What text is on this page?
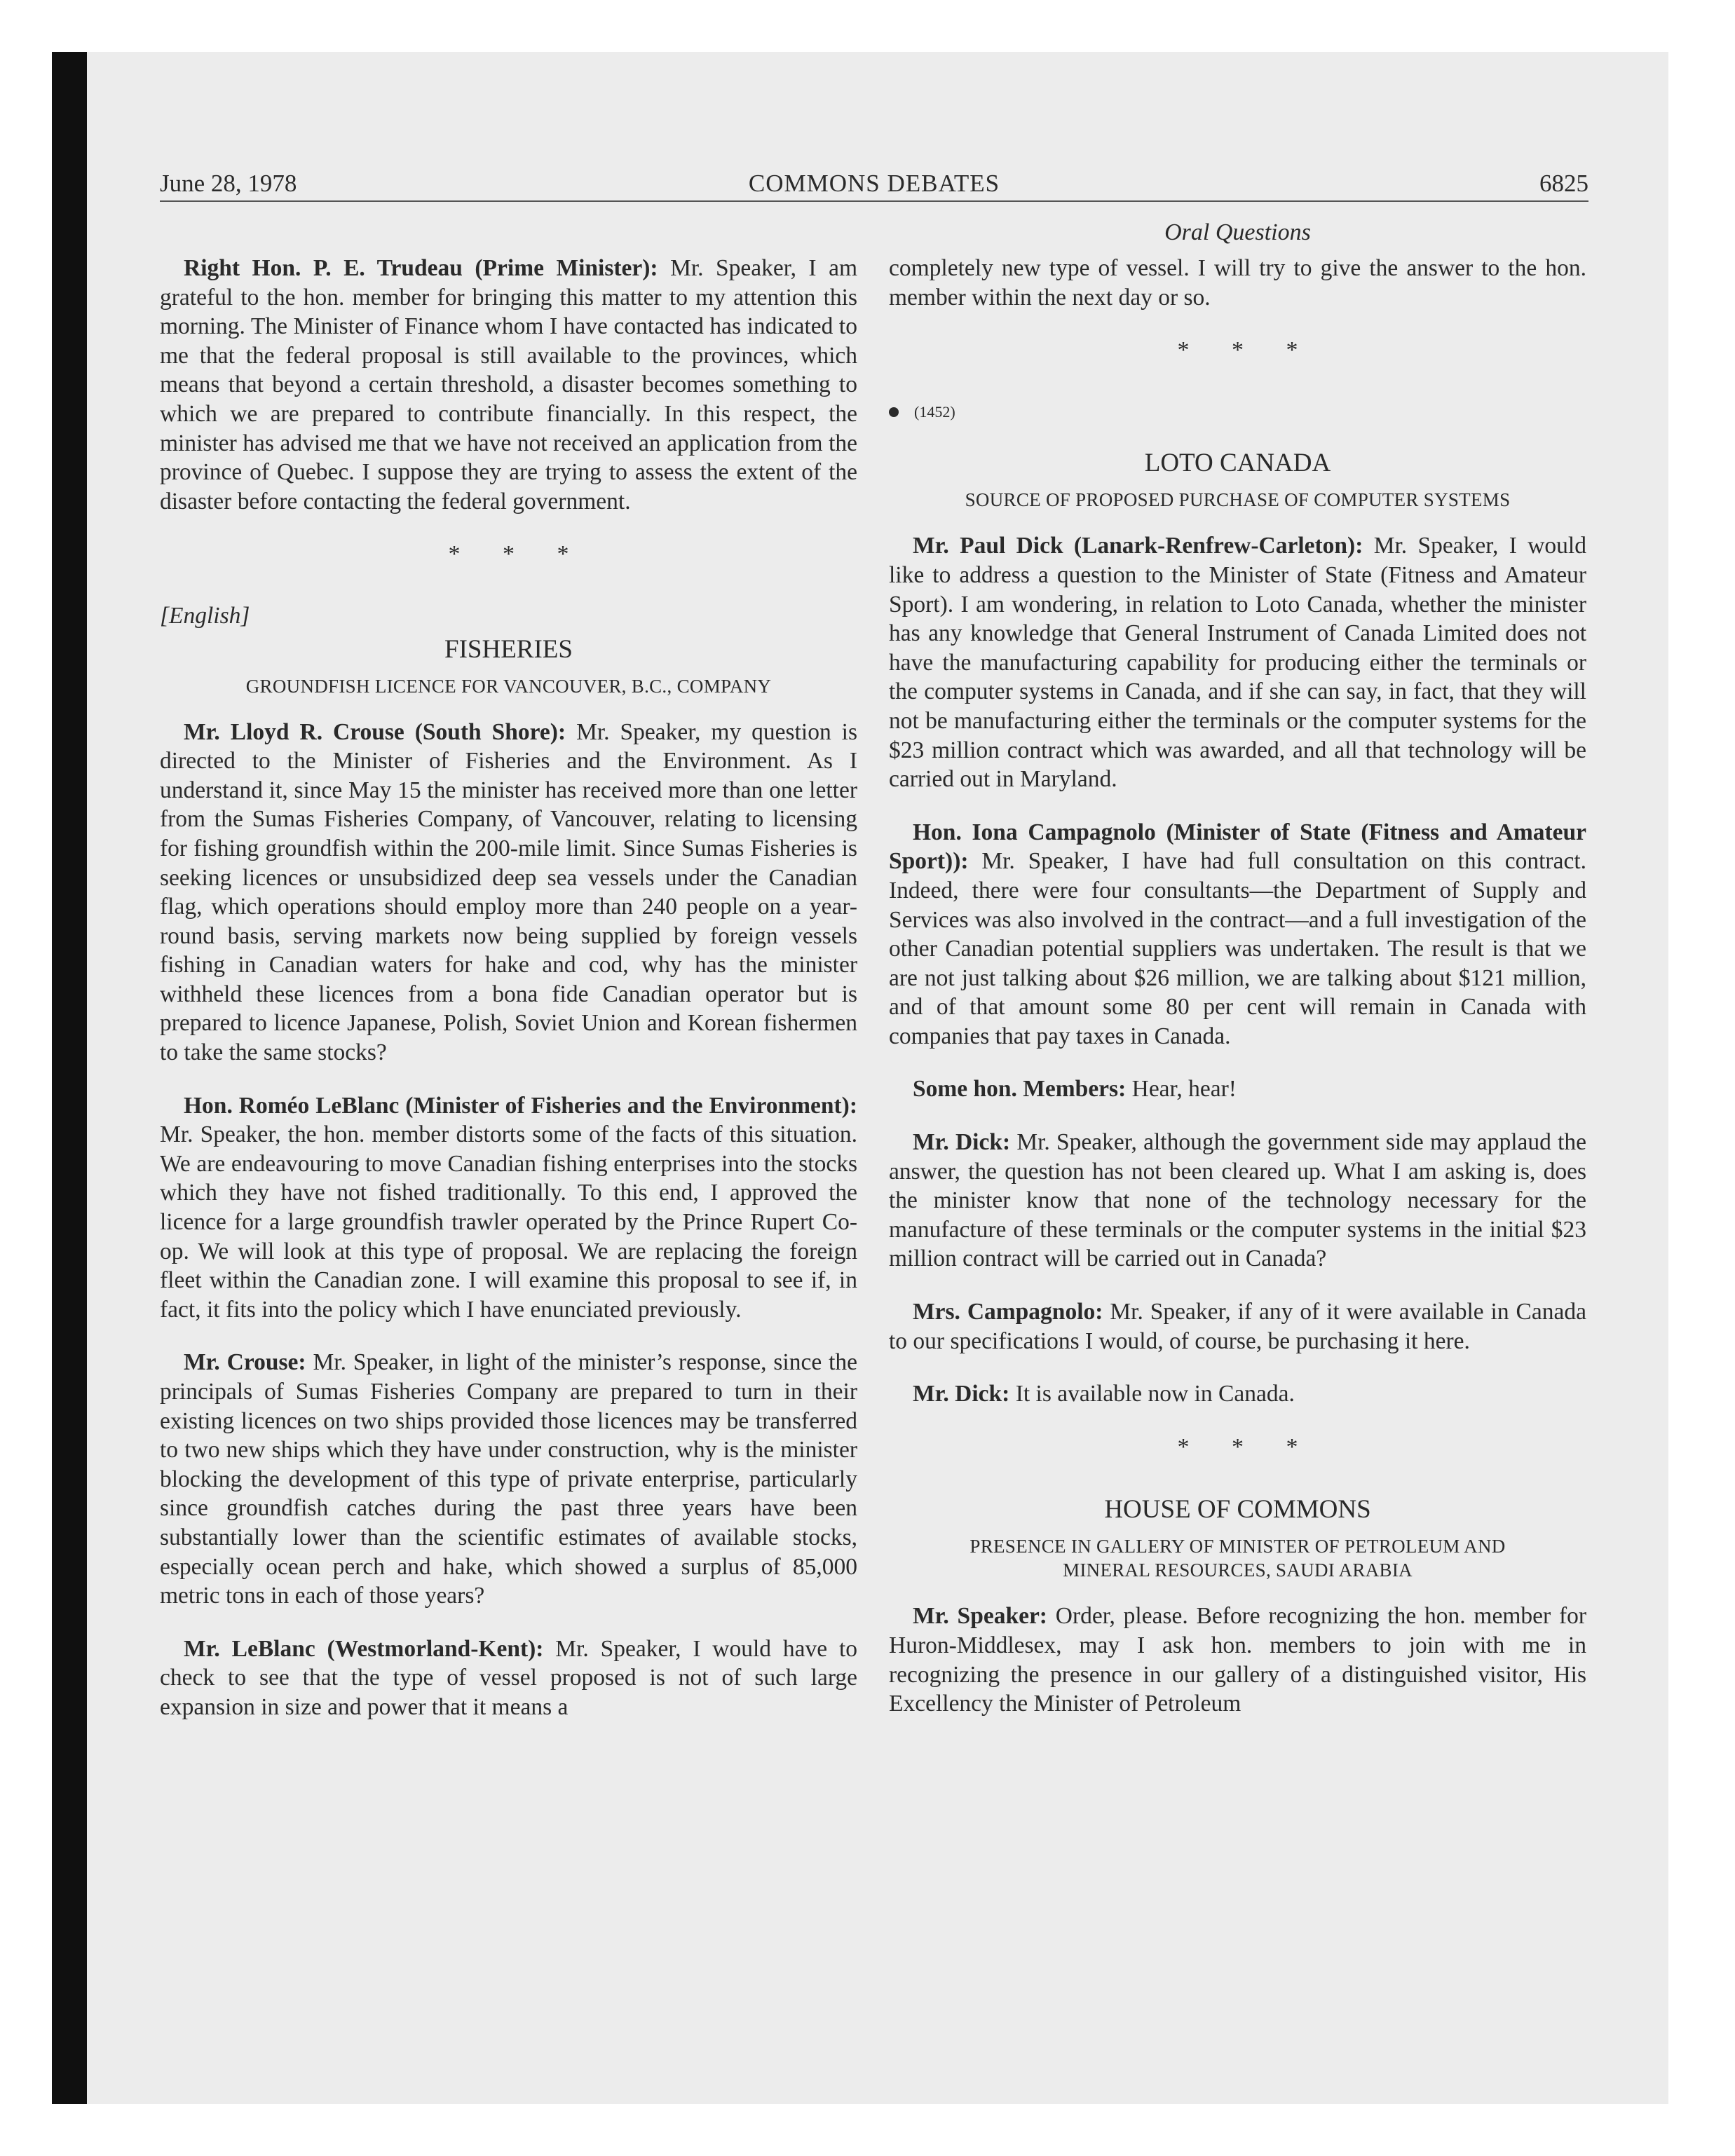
June 28, 1978	COMMONS DEBATES	6825
Oral Questions

Right Hon. P. E. Trudeau (Prime Minister): Mr. Speaker, I am grateful to the hon. member for bringing this matter to my attention this morning. The Minister of Finance whom I have contacted has indicated to me that the federal proposal is still available to the provinces, which means that beyond a certain threshold, a disaster becomes something to which we are prepared to contribute financially. In this respect, the minister has advised me that we have not received an application from the province of Quebec. I suppose they are trying to assess the extent of the disaster before contacting the federal government.

* * *
[English]
FISHERIES
GROUNDFISH LICENCE FOR VANCOUVER, B.C., COMPANY

Mr. Lloyd R. Crouse (South Shore): Mr. Speaker, my question is directed to the Minister of Fisheries and the Environment. As I understand it, since May 15 the minister has received more than one letter from the Sumas Fisheries Company, of Vancouver, relating to licensing for fishing groundfish within the 200-mile limit. Since Sumas Fisheries is seeking licences or unsubsidized deep sea vessels under the Canadian flag, which operations should employ more than 240 people on a year-round basis, serving markets now being supplied by foreign vessels fishing in Canadian waters for hake and cod, why has the minister withheld these licences from a bona fide Canadian operator but is prepared to licence Japanese, Polish, Soviet Union and Korean fishermen to take the same stocks?

Hon. Roméo LeBlanc (Minister of Fisheries and the Environment): Mr. Speaker, the hon. member distorts some of the facts of this situation. We are endeavouring to move Canadian fishing enterprises into the stocks which they have not fished traditionally. To this end, I approved the licence for a large groundfish trawler operated by the Prince Rupert Co-op. We will look at this type of proposal. We are replacing the foreign fleet within the Canadian zone. I will examine this proposal to see if, in fact, it fits into the policy which I have enunciated previously.

Mr. Crouse: Mr. Speaker, in light of the minister’s response, since the principals of Sumas Fisheries Company are prepared to turn in their existing licences on two ships provided those licences may be transferred to two new ships which they have under construction, why is the minister blocking the development of this type of private enterprise, particularly since groundfish catches during the past three years have been substantially lower than the scientific estimates of available stocks, especially ocean perch and hake, which showed a surplus of 85,000 metric tons in each of those years?

Mr. LeBlanc (Westmorland-Kent): Mr. Speaker, I would have to check to see that the type of vessel proposed is not of such large expansion in size and power that it means a

completely new type of vessel. I will try to give the answer to the hon. member within the next day or so.

* * *
(1452)
LOTO CANADA
SOURCE OF PROPOSED PURCHASE OF COMPUTER SYSTEMS

Mr. Paul Dick (Lanark-Renfrew-Carleton): Mr. Speaker, I would like to address a question to the Minister of State (Fitness and Amateur Sport). I am wondering, in relation to Loto Canada, whether the minister has any knowledge that General Instrument of Canada Limited does not have the manufacturing capability for producing either the terminals or the computer systems in Canada, and if she can say, in fact, that they will not be manufacturing either the terminals or the computer systems for the $23 million contract which was awarded, and all that technology will be carried out in Maryland.

Hon. Iona Campagnolo (Minister of State (Fitness and Amateur Sport)): Mr. Speaker, I have had full consultation on this contract. Indeed, there were four consultants—the Department of Supply and Services was also involved in the contract—and a full investigation of the other Canadian potential suppliers was undertaken. The result is that we are not just talking about $26 million, we are talking about $121 million, and of that amount some 80 per cent will remain in Canada with companies that pay taxes in Canada.

Some hon. Members: Hear, hear!

Mr. Dick: Mr. Speaker, although the government side may applaud the answer, the question has not been cleared up. What I am asking is, does the minister know that none of the technology necessary for the manufacture of these terminals or the computer systems in the initial $23 million contract will be carried out in Canada?

Mrs. Campagnolo: Mr. Speaker, if any of it were available in Canada to our specifications I would, of course, be purchasing it here.

Mr. Dick: It is available now in Canada.

* * *
HOUSE OF COMMONS
PRESENCE IN GALLERY OF MINISTER OF PETROLEUM AND
MINERAL RESOURCES, SAUDI ARABIA

Mr. Speaker: Order, please. Before recognizing the hon. member for Huron-Middlesex, may I ask hon. members to join with me in recognizing the presence in our gallery of a distinguished visitor, His Excellency the Minister of Petroleum
